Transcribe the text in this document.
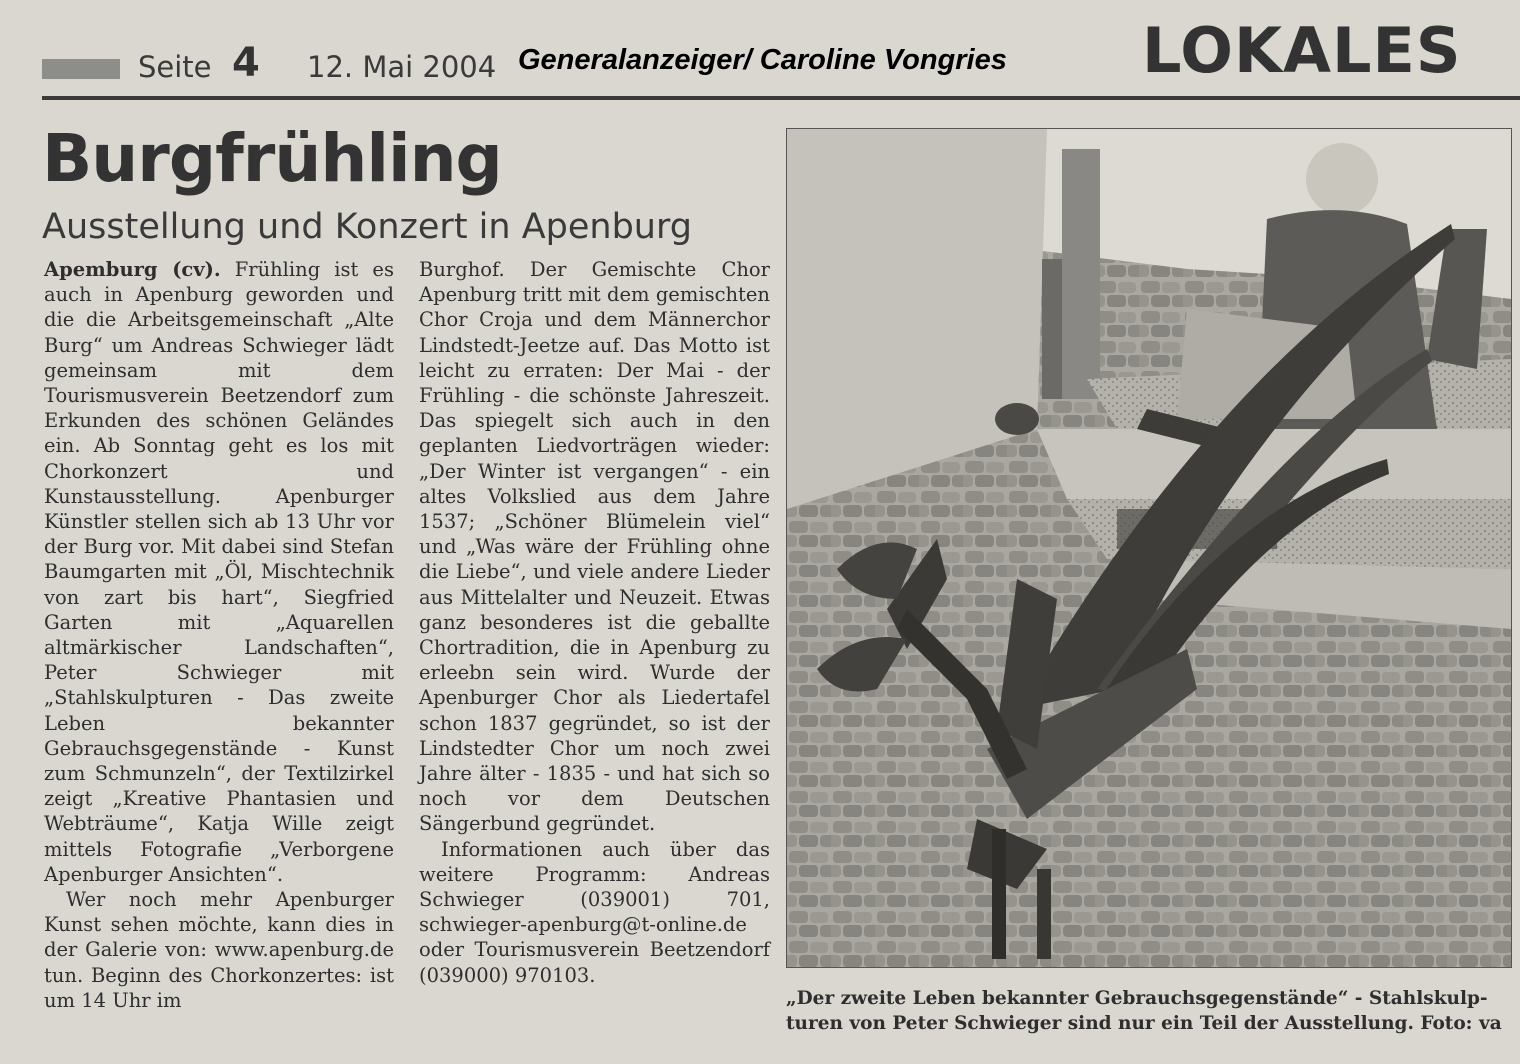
Seite 4 12. Mai 2004 Generalanzeiger/ Caroline Vongries LOKALES
Burgfrühling
Ausstellung und Konzert in Apenburg

Apemburg (cv). Frühling ist es auch in Apenburg geworden und die die Arbeitsgemeinschaft „Alte Burg“ um Andreas Schwieger lädt gemeinsam mit dem Tourismusverein Beetzendorf zum Erkunden des schönen Geländes ein. Ab Sonntag geht es los mit Chorkonzert und Kunstausstellung. Apenburger Künstler stellen sich ab 13 Uhr vor der Burg vor. Mit dabei sind Stefan Baumgarten mit „Öl, Mischtechnik von zart bis hart“, Siegfried Garten mit „Aquarellen altmärkischer Landschaften“, Peter Schwieger mit „Stahlskulpturen - Das zweite Leben bekannter Gebrauchsgegenstände - Kunst zum Schmunzeln“, der Textilzirkel zeigt „Kreative Phantasien und Webträume“, Katja Wille zeigt mittels Fotografie „Verborgene Apenburger Ansichten“.

Wer noch mehr Apenburger Kunst sehen möchte, kann dies in der Galerie von: www.apenburg.de tun. Beginn des Chorkonzertes: ist um 14 Uhr im

Burghof. Der Gemischte Chor Apenburg tritt mit dem gemischten Chor Croja und dem Männerchor Lindstedt-Jeetze auf. Das Motto ist leicht zu erraten: Der Mai - der Frühling - die schönste Jahreszeit. Das spiegelt sich auch in den geplanten Liedvorträgen wieder: „Der Winter ist vergangen“ - ein altes Volkslied aus dem Jahre 1537; „Schöner Blümelein viel“ und „Was wäre der Frühling ohne die Liebe“, und viele andere Lieder aus Mittelalter und Neuzeit. Etwas ganz besonderes ist die geballte Chortradition, die in Apenburg zu erleebn sein wird. Wurde der Apenburger Chor als Liedertafel schon 1837 gegründet, so ist der Lindstedter Chor um noch zwei Jahre älter - 1835 - und hat sich so noch vor dem Deutschen Sängerbund gegründet.

Informationen auch über das weitere Programm: Andreas Schwieger (039001) 701, schwieger-apenburg@t-online.de oder Tourismusverein Beetzendorf (039000) 970103.

„Der zweite Leben bekannter Gebrauchsgegenstände“ - Stahlskulp-
turen von Peter Schwieger sind nur ein Teil der Ausstellung. Foto: va
